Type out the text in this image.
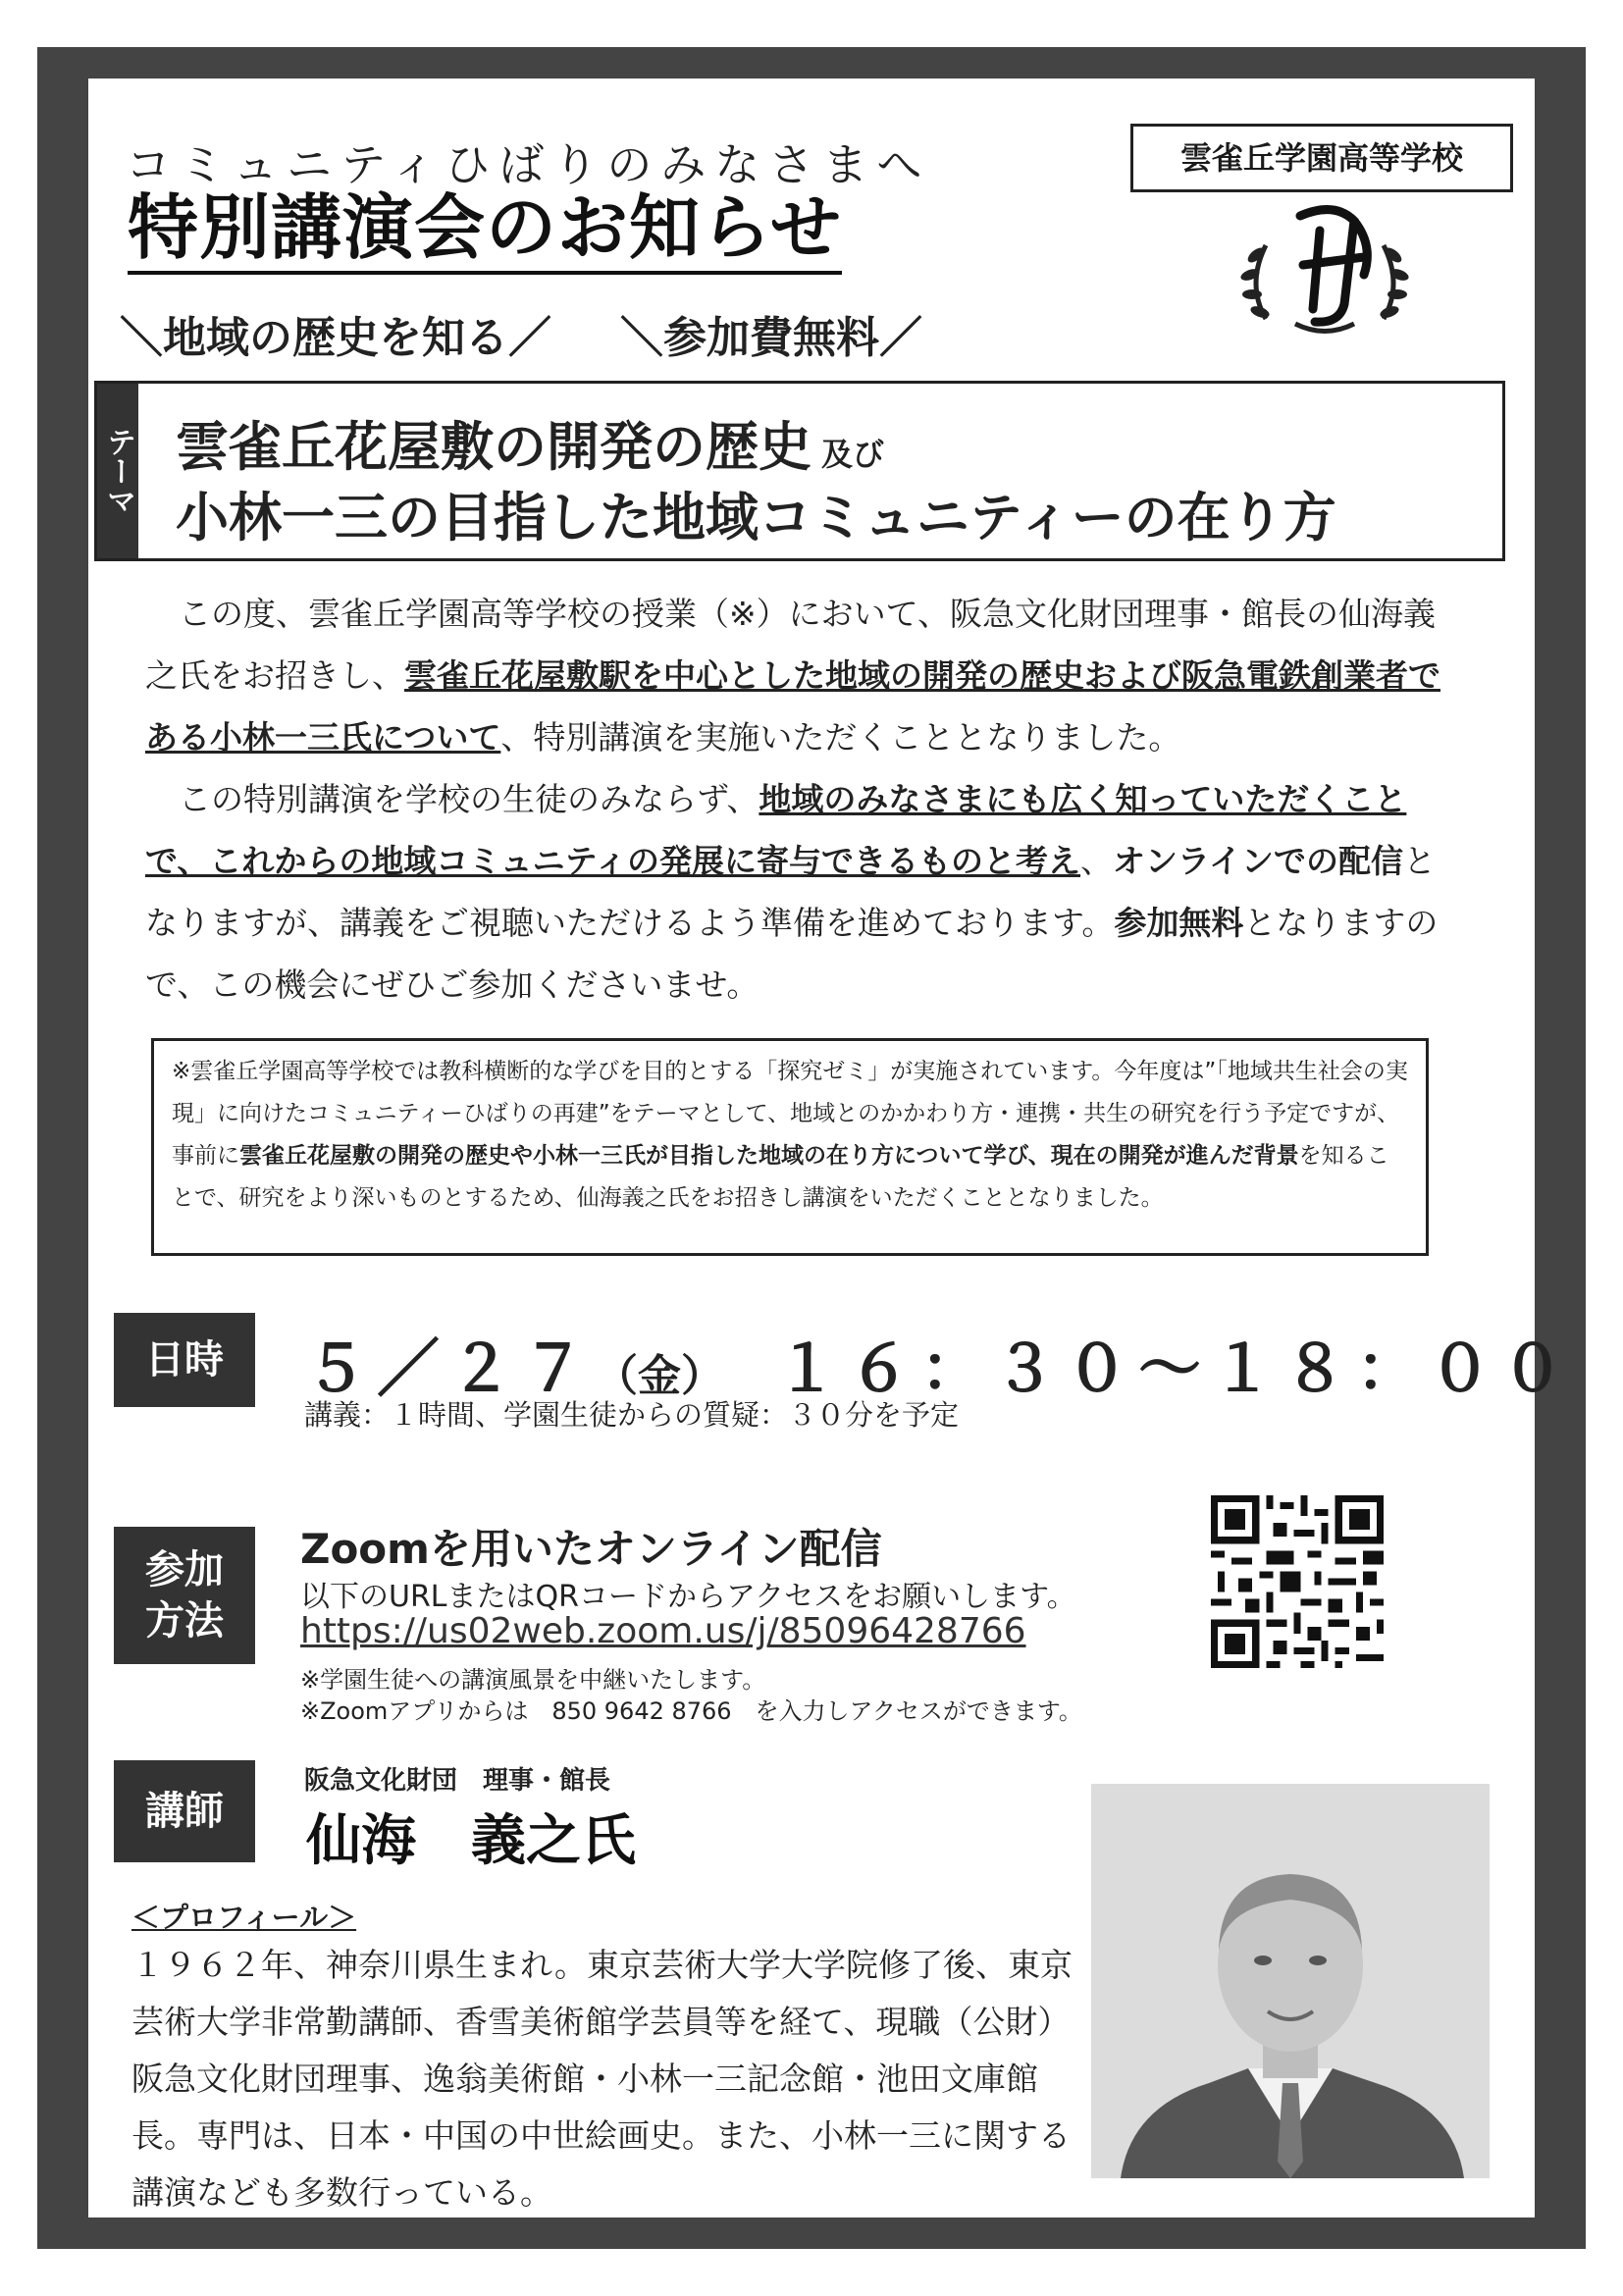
コミュニティひばりのみなさまへ
特別講演会のお知らせ
＼地域の歴史を知る／ ＼参加費無料／
雲雀丘学園高等学校
テーマ 雲雀丘花屋敷の開発の歴史 及び
小林一三の目指した地域コミュニティーの在り方

この度、雲雀丘学園高等学校の授業（※）において、阪急文化財団理事・館長の仙海義之氏をお招きし、雲雀丘花屋敷駅を中心とした地域の開発の歴史および阪急電鉄創業者である小林一三氏について、特別講演を実施いただくこととなりました。

この特別講演を学校の生徒のみならず、地域のみなさまにも広く知っていただくことで、これからの地域コミュニティの発展に寄与できるものと考え、オンラインでの配信となりますが、講義をご視聴いただけるよう準備を進めております。参加無料となりますので、この機会にぜひご参加くださいませ。

※雲雀丘学園高等学校では教科横断的な学びを目的とする「探究ゼミ」が実施されています。今年度は”「地域共生社会の実現」に向けたコミュニティーひばりの再建”をテーマとして、地域とのかかわり方・連携・共生の研究を行う予定ですが、事前に雲雀丘花屋敷の開発の歴史や小林一三氏が目指した地域の在り方について学び、現在の開発が進んだ背景を知ることで、研究をより深いものとするため、仙海義之氏をお招きし講演をいただくこととなりました。
日時	５／２７（金）　 １６：３０～１８：００
講義：１時間、学園生徒からの質疑：３０分を予定
参加
方法
Zoomを用いたオンライン配信
以下のURLまたはQRコードからアクセスをお願いします。
https://us02web.zoom.us/j/85096428766
※学園生徒への講演風景を中継いたします。
※Zoomアプリからは　850 9642 8766　を入力しアクセスができます。
講師
阪急文化財団　理事・館長
仙海　義之氏
＜プロフィール＞
１９６２年、神奈川県生まれ。東京芸術大学大学院修了後、東京芸術大学非常勤講師、香雪美術館学芸員等を経て、現職（公財）阪急文化財団理事、逸翁美術館・小林一三記念館・池田文庫館長。専門は、日本・中国の中世絵画史。また、小林一三に関する講演なども多数行っている。
